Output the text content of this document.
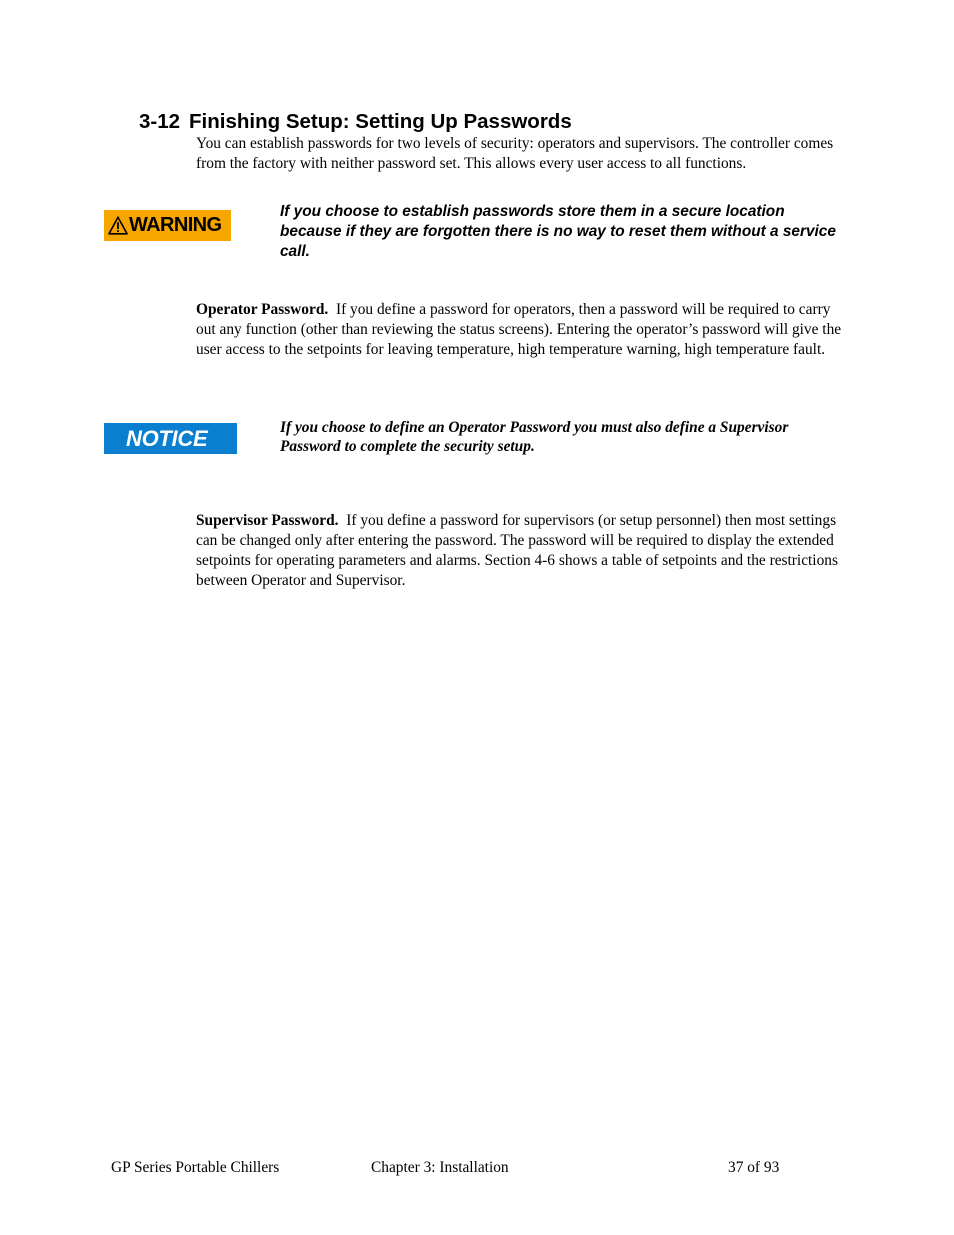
3-12 Finishing Setup: Setting Up Passwords
You can establish passwords for two levels of security: operators and supervisors. The controller comes from the factory with neither password set. This allows every user access to all functions.
WARNING
If you choose to establish passwords store them in a secure location because if they are forgotten there is no way to reset them without a service call.
Operator Password. If you define a password for operators, then a password will be required to carry out any function (other than reviewing the status screens). Entering the operator’s password will give the user access to the setpoints for leaving temperature, high temperature warning, high temperature fault.
NOTICE	If you choose to define an Operator Password you must also define a Supervisor Password to complete the security setup.
Supervisor Password. If you define a password for supervisors (or setup personnel) then most settings can be changed only after entering the password. The password will be required to display the extended setpoints for operating parameters and alarms. Section 4-6 shows a table of setpoints and the restrictions between Operator and Supervisor.
GP Series Portable Chillers	Chapter 3: Installation	37 of 93
